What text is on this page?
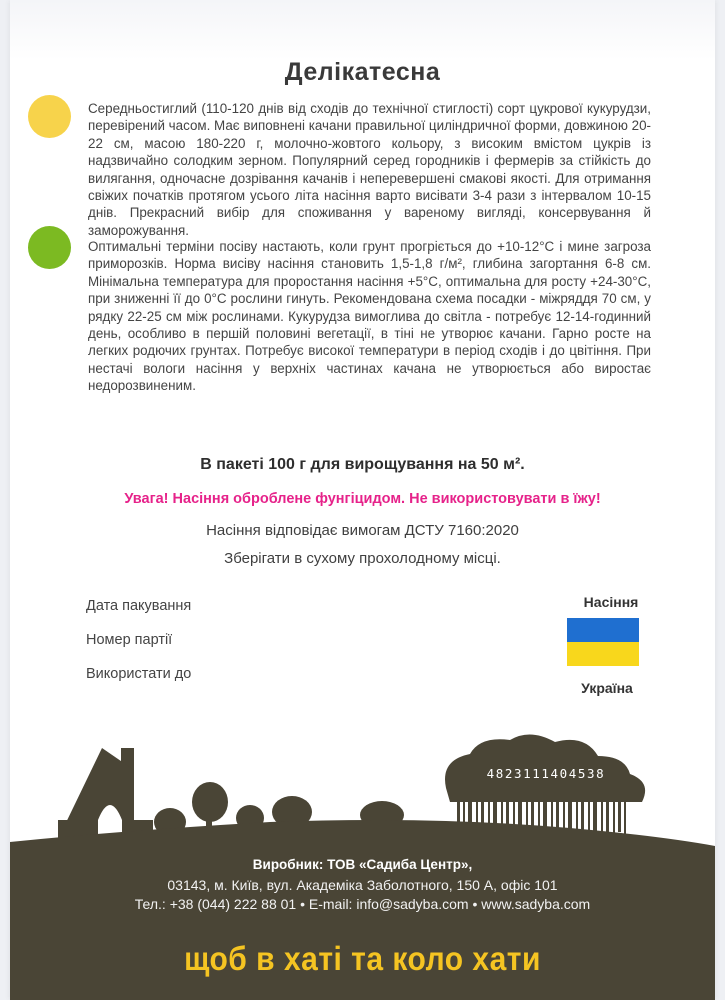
Делікатесна

Середньостиглий (110-120 днів від сходів до технічної стиглості) сорт цукрової кукурудзи, перевірений часом. Має виповнені качани правильної циліндричної форми, довжиною 20-22 см, масою 180-220 г, молочно-жовтого кольору, з високим вмістом цукрів із надзвичайно солодким зерном. Популярний серед городників і фермерів за стійкість до вилягання, одночасне дозрівання качанів і неперевершені смакові якості. Для отримання свіжих початків протягом усього літа насіння варто висівати 3-4 рази з інтервалом 10-15 днів. Прекрасний вибір для споживання у вареному вигляді, консервування й заморожування.

Оптимальні терміни посіву настають, коли грунт прогріється до +10-12°С і мине загроза приморозків. Норма висіву насіння становить 1,5-1,8 г/м², глибина загортання 6-8 см. Мінімальна температура для проростання насіння +5°С, оптимальна для росту +24-30°С, при зниженні її до 0°С рослини гинуть. Рекомендована схема посадки - міжряддя 70 см, у рядку 22-25 см між рослинами. Кукурудза вимоглива до світла - потребує 12-14-годинний день, особливо в першій половині вегетації, в тіні не утворює качани. Гарно росте на легких родючих грунтах. Потребує високої температури в період сходів і до цвітіння. При нестачі вологи насіння у верхніх частинах качана не утворюється або виростає недорозвиненим.

В пакеті 100 г для вирощування на 50 м².
Увага! Насіння оброблене фунгіцидом. Не використовувати в їжу!
Насіння відповідає вимогам ДСТУ 7160:2020
Зберігати в сухому прохолодному місці.
Дата пакування
Номер партії
Використати до
Насіння
Україна
4823111404538
Виробник: ТОВ «Садиба Центр»,
03143, м. Київ, вул. Академіка Заболотного, 150 А, офіс 101
Тел.: +38 (044) 222 88 01 • E-mail: info@sadyba.com • www.sadyba.com
щоб в хаті та коло хати
